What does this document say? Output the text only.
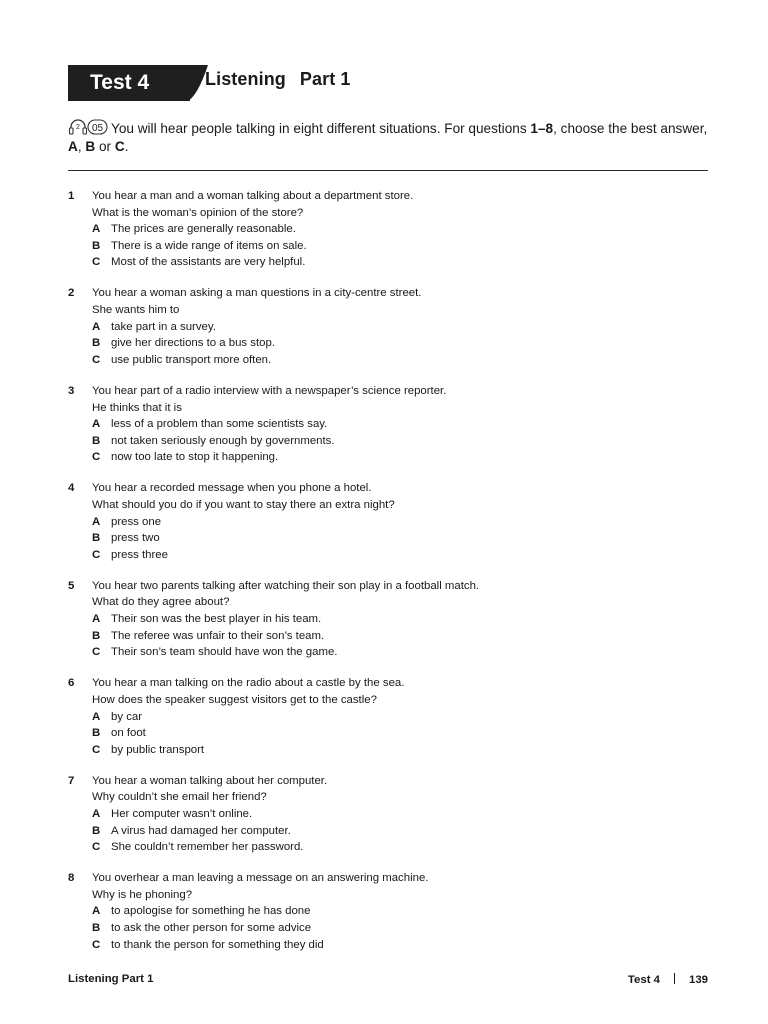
Test 4	Listening Part 1
2 05 You will hear people talking in eight different situations. For questions 1–8, choose the best answer,
A, B or C.
1 You hear a man and a woman talking about a department store.
What is the woman’s opinion of the store?
A The prices are generally reasonable.
B There is a wide range of items on sale.
C Most of the assistants are very helpful.
2 You hear a woman asking a man questions in a city-centre street.
She wants him to
A take part in a survey.
B give her directions to a bus stop.
C use public transport more often.
3 You hear part of a radio interview with a newspaper’s science reporter.
He thinks that it is
A less of a problem than some scientists say.
B not taken seriously enough by governments.
C now too late to stop it happening.
4 You hear a recorded message when you phone a hotel.
What should you do if you want to stay there an extra night?
A press one
B press two
C press three
5 You hear two parents talking after watching their son play in a football match.
What do they agree about?
A Their son was the best player in his team.
B The referee was unfair to their son’s team.
C Their son’s team should have won the game.
6 You hear a man talking on the radio about a castle by the sea.
How does the speaker suggest visitors get to the castle?
A by car
B on foot
C by public transport
7 You hear a woman talking about her computer.
Why couldn’t she email her friend?
A Her computer wasn’t online.
B A virus had damaged her computer.
C She couldn’t remember her password.
8 You overhear a man leaving a message on an answering machine.
Why is he phoning?
A to apologise for something he has done
B to ask the other person for some advice
C to thank the person for something they did
Listening Part 1	Test 4	139
